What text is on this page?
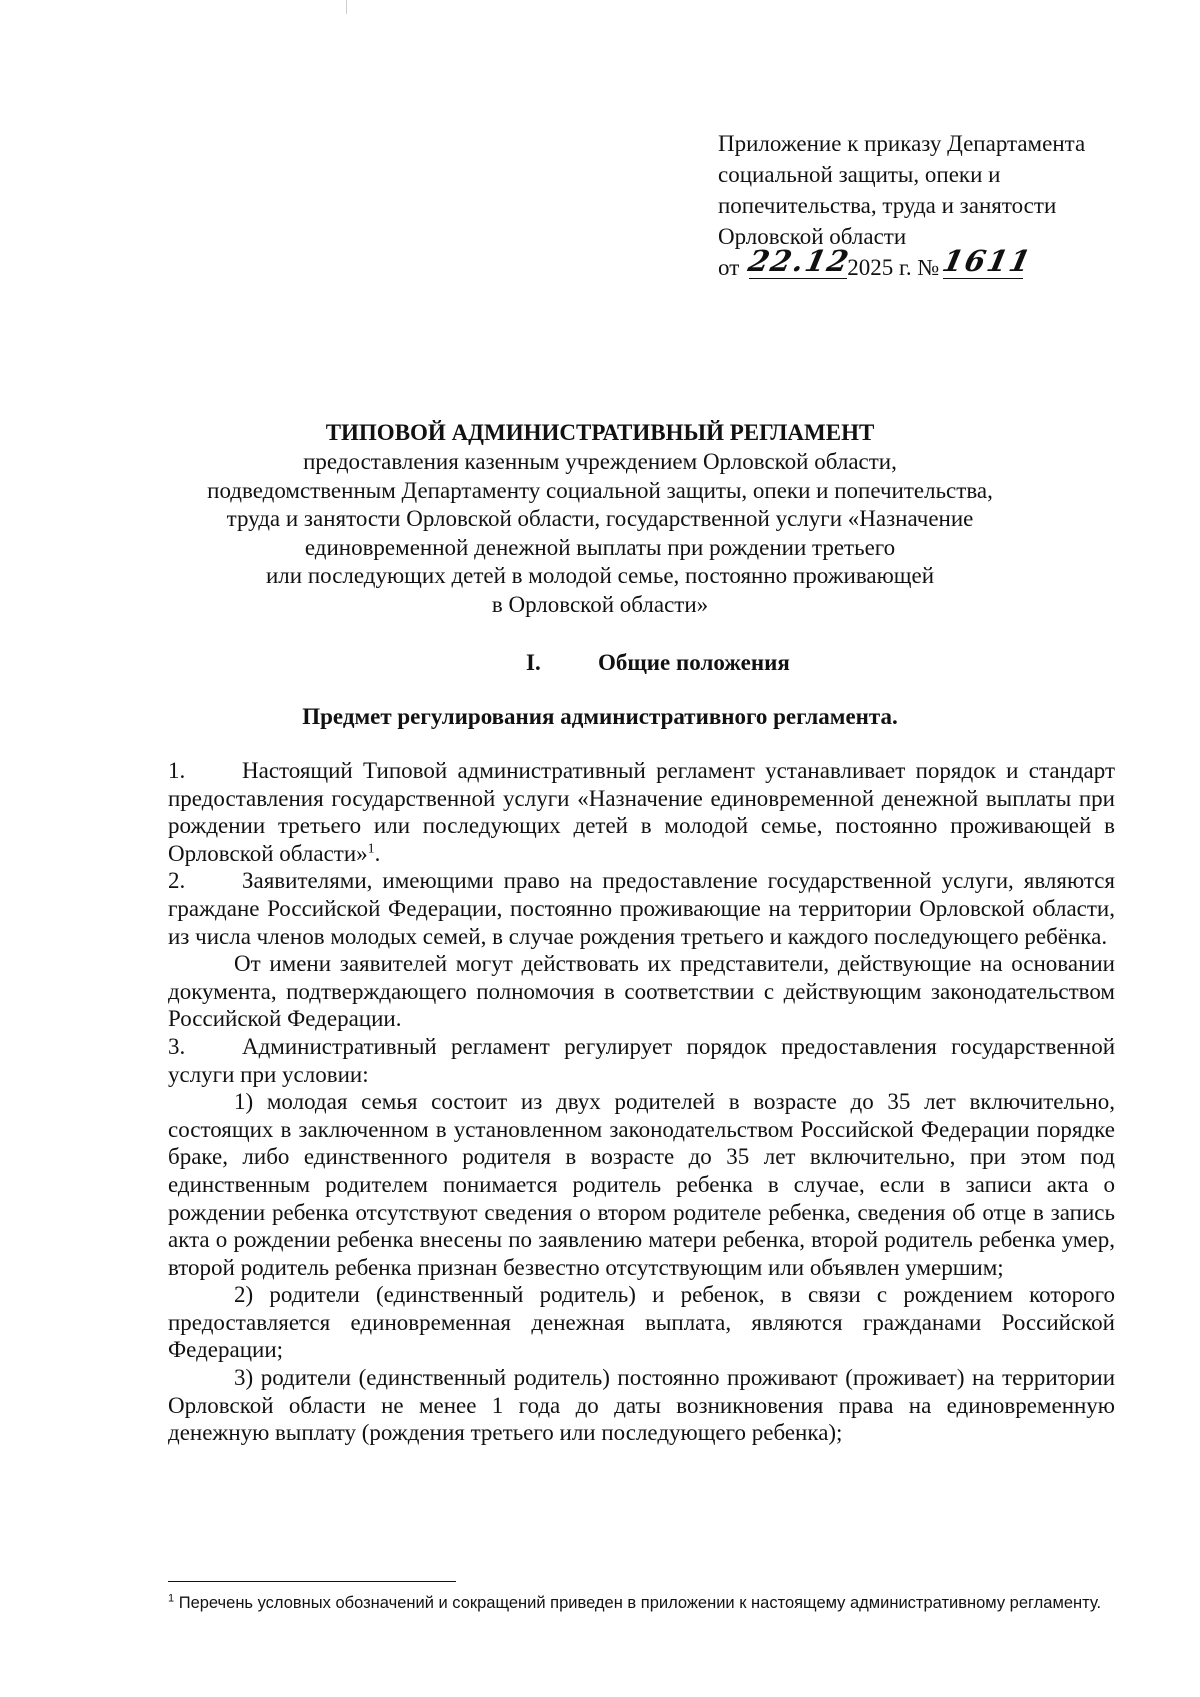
Приложение к приказу Департамента
социальной защиты, опеки и
попечительства, труда и занятости
Орловской области
от 22.12
2025 г. № 1611

ТИПОВОЙ АДМИНИСТРАТИВНЫЙ РЕГЛАМЕНТ

предоставления казенным учреждением Орловской области,
подведомственным Департаменту социальной защиты, опеки и попечительства,
труда и занятости Орловской области, государственной услуги «Назначение
единовременной денежной выплаты при рождении третьего
или последующих детей в молодой семье, постоянно проживающей
в Орловской области»

I. Общие положения
Предмет регулирования административного регламента.

1. Настоящий Типовой административный регламент устанавливает порядок и стандарт предоставления государственной услуги «Назначение единовременной денежной выплаты при рождении третьего или последующих детей в молодой семье, постоянно проживающей в Орловской области»$^1$.

2. Заявителями, имеющими право на предоставление государственной услуги, являются граждане Российской Федерации, постоянно проживающие на территории Орловской области, из числа членов молодых семей, в случае рождения третьего и каждого последующего ребёнка.

От имени заявителей могут действовать их представители, действующие на основании документа, подтверждающего полномочия в соответствии с действующим законодательством Российской Федерации.

3. Административный регламент регулирует порядок предоставления государственной услуги при условии:

1) молодая семья состоит из двух родителей в возрасте до 35 лет включительно, состоящих в заключенном в установленном законодательством Российской Федерации порядке браке, либо единственного родителя в возрасте до 35 лет включительно, при этом под единственным родителем понимается родитель ребенка в случае, если в записи акта о рождении ребенка отсутствуют сведения о втором родителе ребенка, сведения об отце в запись акта о рождении ребенка внесены по заявлению матери ребенка, второй родитель ребенка умер, второй родитель ребенка признан безвестно отсутствующим или объявлен умершим;

2) родители (единственный родитель) и ребенок, в связи с рождением которого предоставляется единовременная денежная выплата, являются гражданами Российской Федерации;

3) родители (единственный родитель) постоянно проживают (проживает) на территории Орловской области не менее 1 года до даты возникновения права на единовременную денежную выплату (рождения третьего или последующего ребенка);

$^1$ Перечень условных обозначений и сокращений приведен в приложении к настоящему административному регламенту.
